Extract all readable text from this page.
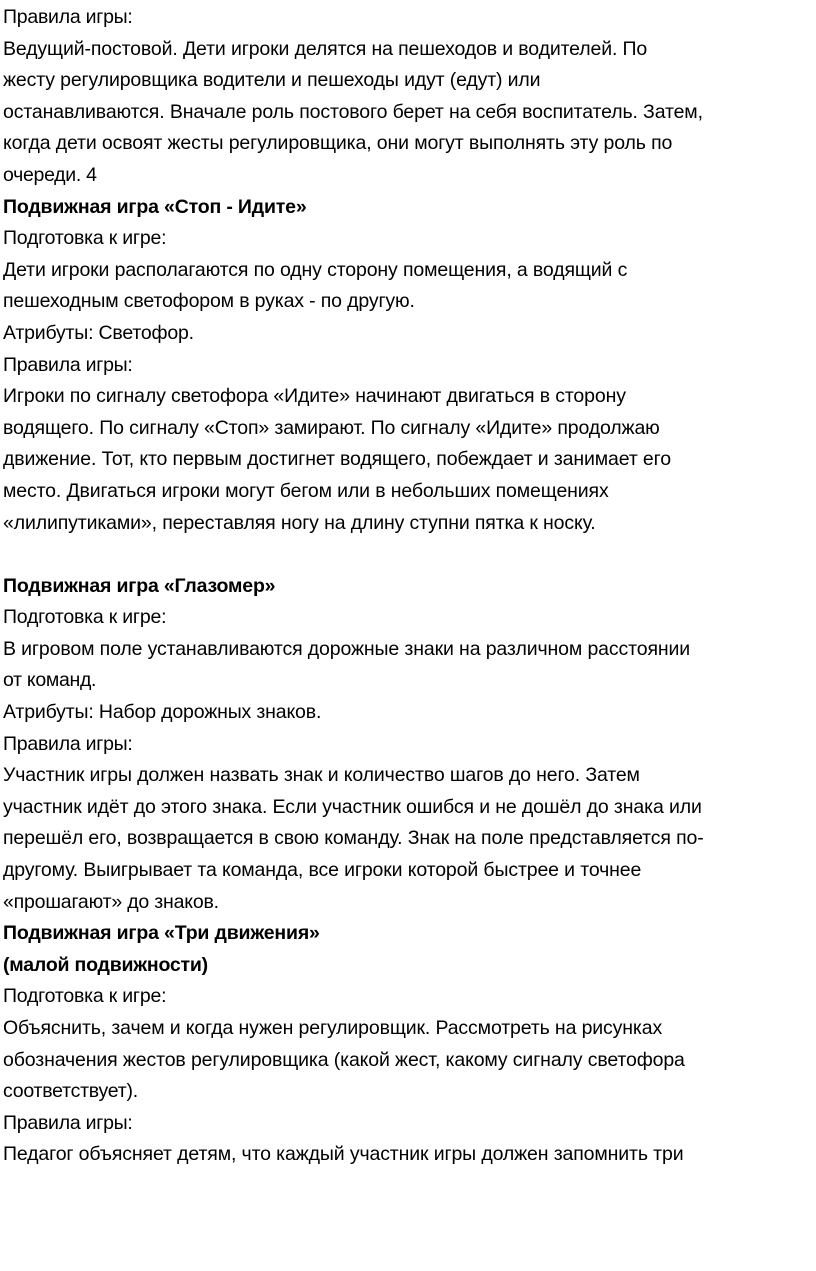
Правила игры:
Ведущий-постовой. Дети игроки делятся на пешеходов и водителей. По
жесту регулировщика водители и пешеходы идут (едут) или
останавливаются. Вначале роль постового берет на себя воспитатель. Затем,
когда дети освоят жесты регулировщика, они могут выполнять эту роль по
очереди. 4
Подвижная игра «Стоп - Идите»
Подготовка к игре:
Дети игроки располагаются по одну сторону помещения, а водящий с
пешеходным светофором в руках - по другую.
Атрибуты: Светофор.
Правила игры:
Игроки по сигналу светофора «Идите» начинают двигаться в сторону
водящего. По сигналу «Стоп» замирают. По сигналу «Идите» продолжаю
движение. Тот, кто первым достигнет водящего, побеждает и занимает его
место. Двигаться игроки могут бегом или в небольших помещениях
«лилипутиками», переставляя ногу на длину ступни пятка к носку.
Подвижная игра «Глазомер»
Подготовка к игре:
В игровом поле устанавливаются дорожные знаки на различном расстоянии
от команд.
Атрибуты: Набор дорожных знаков.
Правила игры:
Участник игры должен назвать знак и количество шагов до него. Затем
участник идёт до этого знака. Если участник ошибся и не дошёл до знака или
перешёл его, возвращается в свою команду. Знак на поле представляется по-
другому. Выигрывает та команда, все игроки которой быстрее и точнее
«прошагают» до знаков.
Подвижная игра «Три движения»
(малой подвижности)
Подготовка к игре:
Объяснить, зачем и когда нужен регулировщик. Рассмотреть на рисунках
обозначения жестов регулировщика (какой жест, какому сигналу светофора
соответствует).
Правила игры:
Педагог объясняет детям, что каждый участник игры должен запомнить три
